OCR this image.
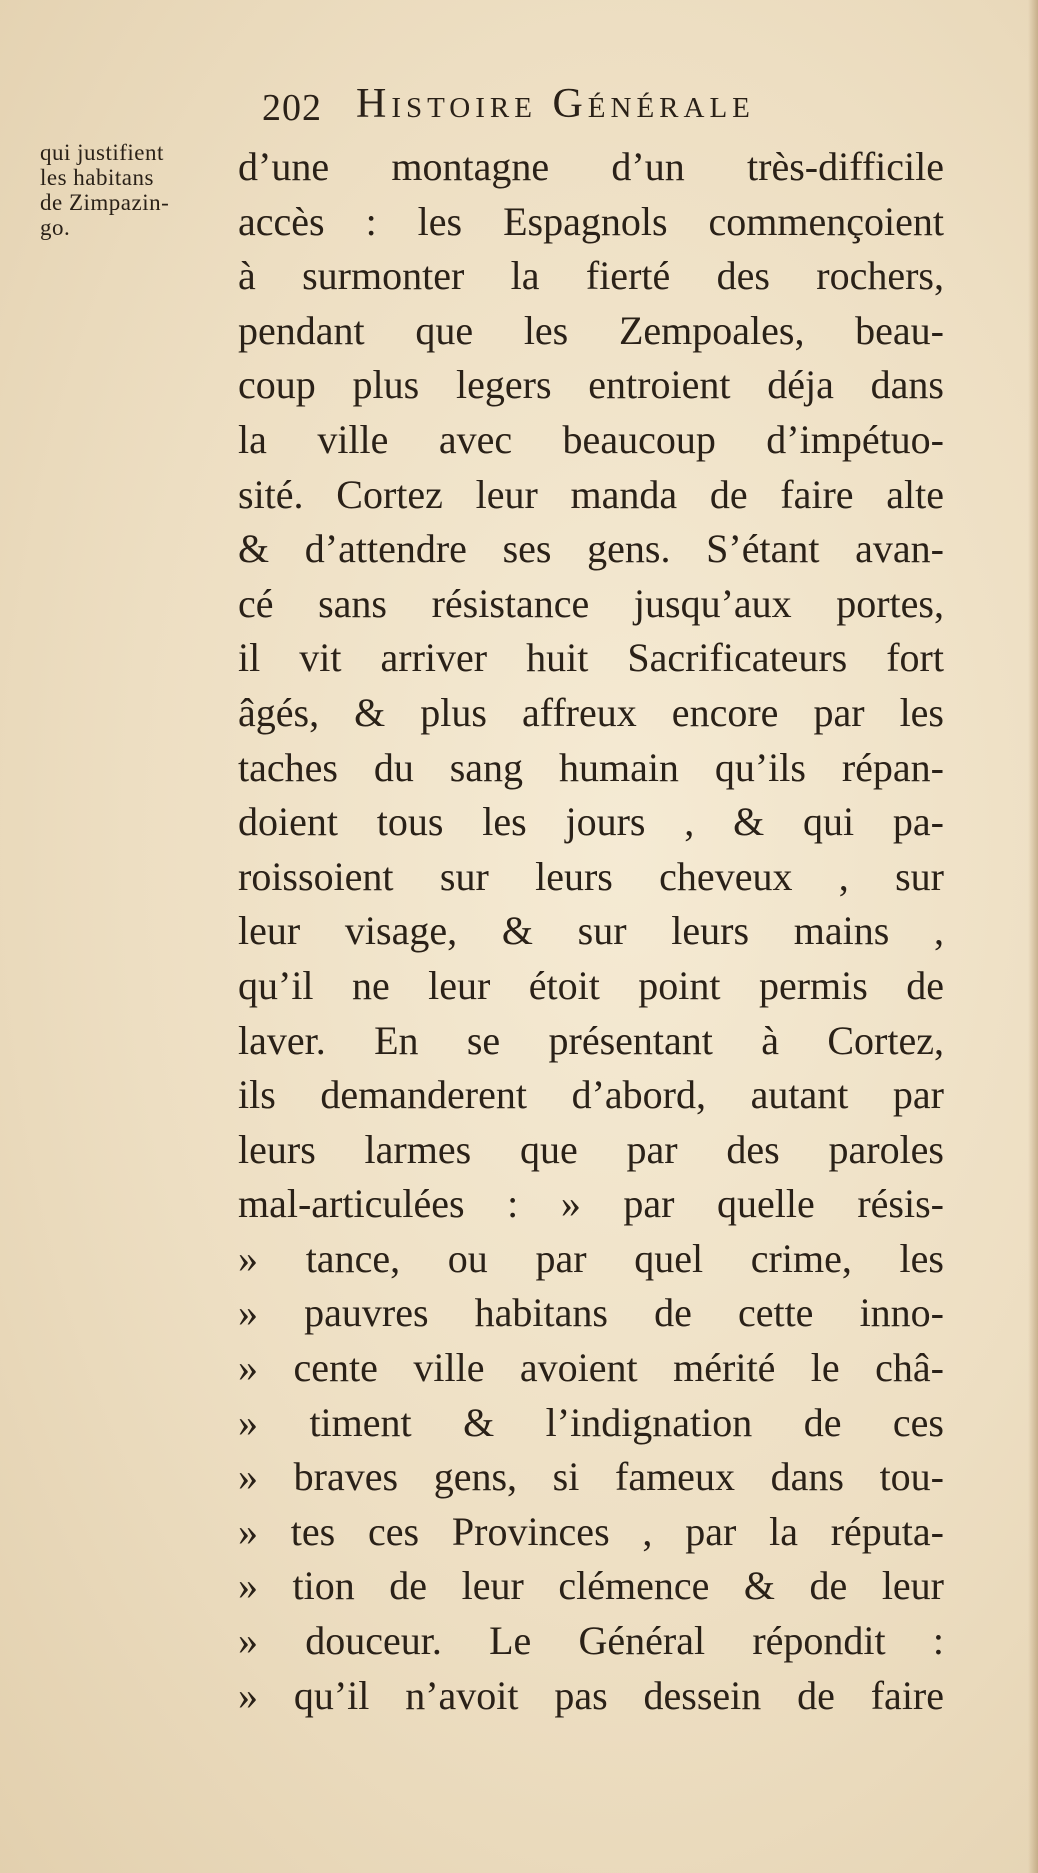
202 Histoire Générale
qui justifient
les habitans
de Zimpazin-
go.
d’une montagne d’un très-difficile
accès : les Espagnols commençoient
à surmonter la fierté des rochers,
pendant que les Zempoales, beau-
coup plus legers entroient déja dans
la ville avec beaucoup d’impétuo-
sité. Cortez leur manda de faire alte
& d’attendre ses gens. S’étant avan-
cé sans résistance jusqu’aux portes,
il vit arriver huit Sacrificateurs fort
âgés, & plus affreux encore par les
taches du sang humain qu’ils répan-
doient tous les jours , & qui pa-
roissoient sur leurs cheveux , sur
leur visage, & sur leurs mains ,
qu’il ne leur étoit point permis de
laver. En se présentant à Cortez,
ils demanderent d’abord, autant par
leurs larmes que par des paroles
mal-articulées : » par quelle résis-
» tance, ou par quel crime, les
» pauvres habitans de cette inno-
» cente ville avoient mérité le châ-
» timent & l’indignation de ces
» braves gens, si fameux dans tou-
» tes ces Provinces , par la réputa-
» tion de leur clémence & de leur
» douceur. Le Général répondit :
» qu’il n’avoit pas dessein de faire
